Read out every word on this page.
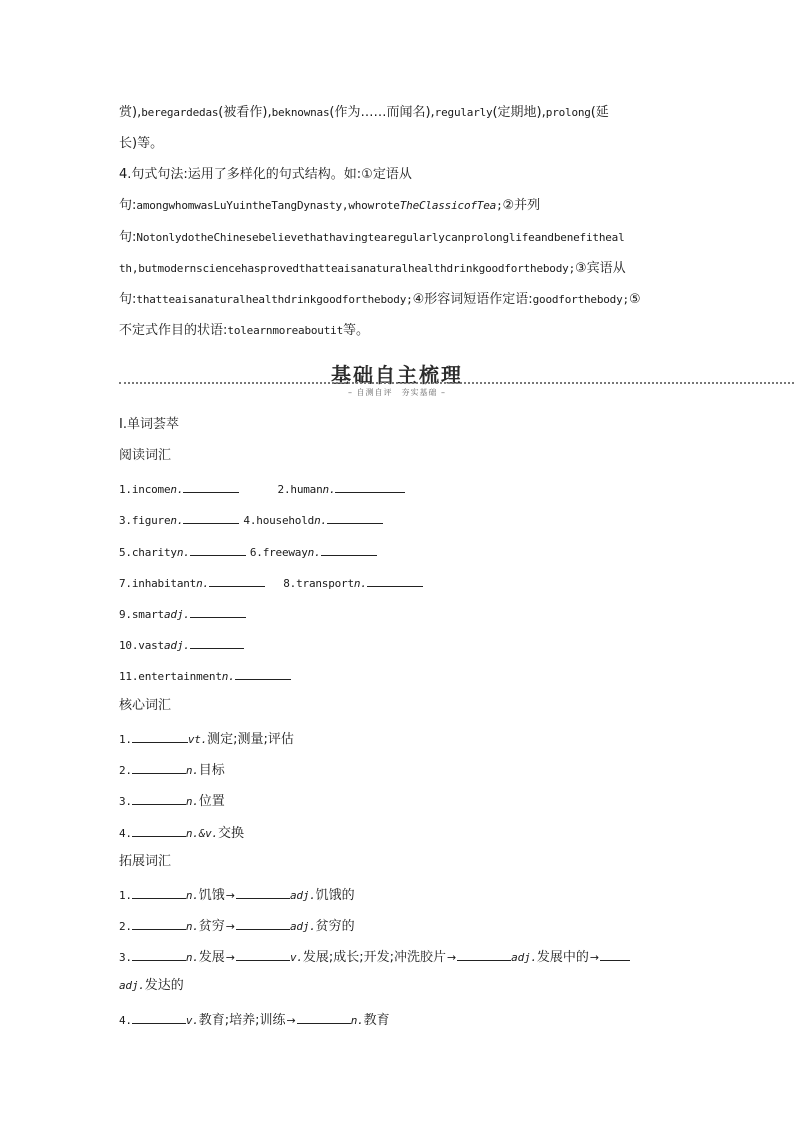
赏),beregardedas(被看作),beknownas(作为……而闻名),regularly(定期地),prolong(延
长)等。
4.句式句法:运用了多样化的句式结构。如:①定语从
句:amongwhomwasLuYuintheTangDynasty,whowroteTheClassicofTea;②并列
句:NotonlydotheChinesebelievethathavingtearegularlycanprolonglifeandbenefitheal
th,butmodernsciencehasprovedthatteaisanaturalhealthdrinkgoodforthebody;③宾语从
句:thatteaisanaturalhealthdrinkgoodforthebody;④形容词短语作定语:goodforthebody;⑤
不定式作目的状语:tolearnmoreaboutit等。
基础自主梳理
– 自测自评　夯实基础 –
Ⅰ.单词荟萃
阅读词汇
1.incomen.	2.humann.
3.figuren.	4.householdn.
5.charityn.	6.freewayn.
7.inhabitantn.	8.transportn.
9.smartadj.
10.vastadj.
11.entertainmentn.
核心词汇
1.	vt.测定;测量;评估
2.	n.目标
3.	n.位置
4.	n.&v.交换
拓展词汇
1.	n.饥饿→	adj.饥饿的
2.	n.贫穷→	adj.贫穷的
3.	n.发展→	v.发展;成长;开发;冲洗胶片→	adj.发展中的→
adj.发达的
4.	v.教育;培养;训练→	n.教育
